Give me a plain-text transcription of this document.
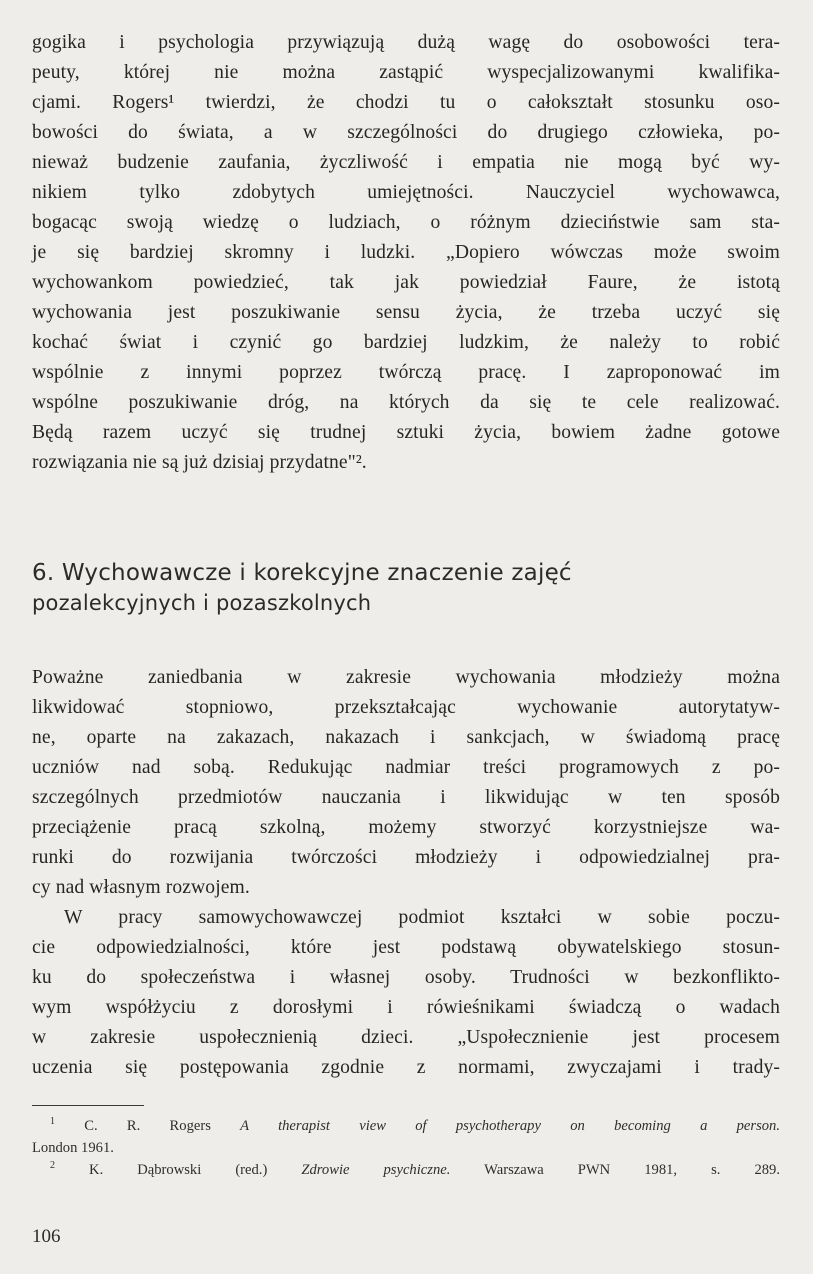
gogika i psychologia przywiązują dużą wagę do osobowości tera-
peuty, której nie można zastąpić wyspecjalizowanymi kwalifika-
cjami. Rogers¹ twierdzi, że chodzi tu o całokształt stosunku oso-
bowości do świata, a w szczególności do drugiego człowieka, po-
nieważ budzenie zaufania, życzliwość i empatia nie mogą być wy-
nikiem tylko zdobytych umiejętności. Nauczyciel wychowawca,
bogacąc swoją wiedzę o ludziach, o różnym dzieciństwie sam sta-
je się bardziej skromny i ludzki. „Dopiero wówczas może swoim
wychowankom powiedzieć, tak jak powiedział Faure, że istotą
wychowania jest poszukiwanie sensu życia, że trzeba uczyć się
kochać świat i czynić go bardziej ludzkim, że należy to robić
wspólnie z innymi poprzez twórczą pracę. I zaproponować im
wspólne poszukiwanie dróg, na których da się te cele realizować.
Będą razem uczyć się trudnej sztuki życia, bowiem żadne gotowe
rozwiązania nie są już dzisiaj przydatne"².
6. Wychowawcze i korekcyjne znaczenie zajęć
pozalekcyjnych i pozaszkolnych
Poważne zaniedbania w zakresie wychowania młodzieży można
likwidować stopniowo, przekształcając wychowanie autorytatyw-
ne, oparte na zakazach, nakazach i sankcjach, w świadomą pracę
uczniów nad sobą. Redukując nadmiar treści programowych z po-
szczególnych przedmiotów nauczania i likwidując w ten sposób
przeciążenie pracą szkolną, możemy stworzyć korzystniejsze wa-
runki do rozwijania twórczości młodzieży i odpowiedzialnej pra-
cy nad własnym rozwojem.
W pracy samowychowawczej podmiot kształci w sobie poczu-
cie odpowiedzialności, które jest podstawą obywatelskiego stosun-
ku do społeczeństwa i własnej osoby. Trudności w bezkonflikto-
wym współżyciu z dorosłymi i rówieśnikami świadczą o wadach
w zakresie uspołecznienią dzieci. „Uspołecznienie jest procesem
uczenia się postępowania zgodnie z normami, zwyczajami i trady-
$^1$ C. R. Rogers A therapist view of psychotherapy on becoming a person.
London 1961.
$^2$ K. Dąbrowski (red.) Zdrowie psychiczne. Warszawa PWN 1981, s. 289.
106
